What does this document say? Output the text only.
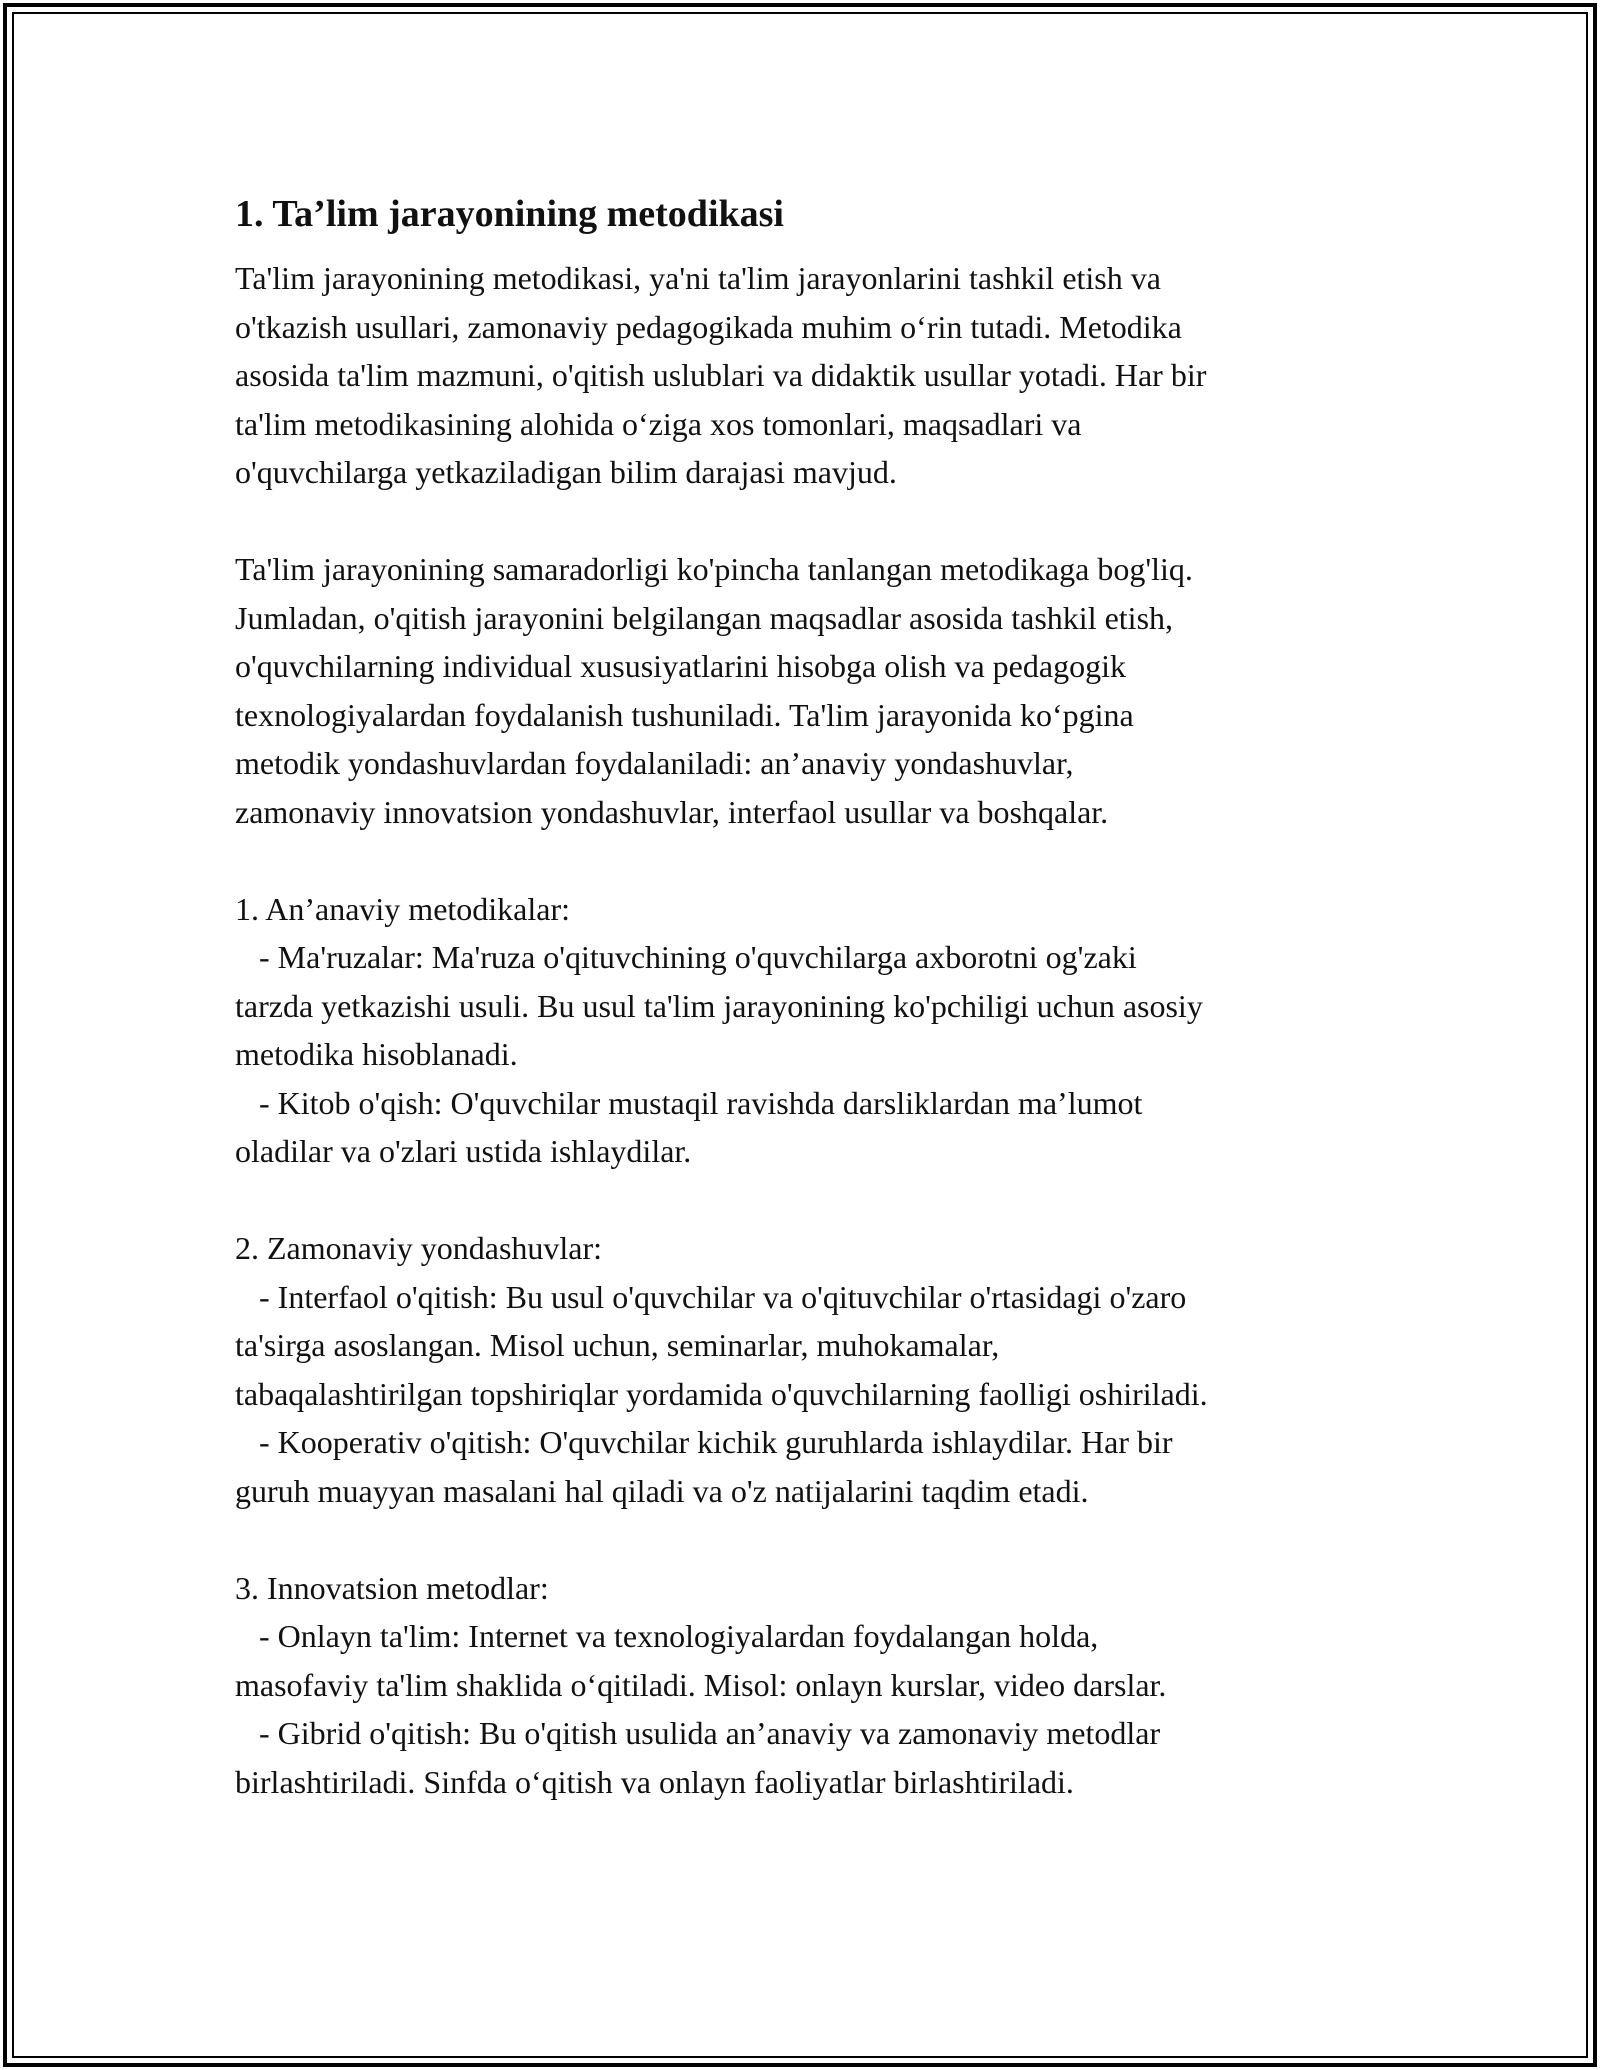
1. Ta’lim jarayonining metodikasi

Ta'lim jarayonining metodikasi, ya'ni ta'lim jarayonlarini tashkil etish va
o'tkazish usullari, zamonaviy pedagogikada muhim o‘rin tutadi. Metodika
asosida ta'lim mazmuni, o'qitish uslublari va didaktik usullar yotadi. Har bir
ta'lim metodikasining alohida o‘ziga xos tomonlari, maqsadlari va
o'quvchilarga yetkaziladigan bilim darajasi mavjud.

Ta'lim jarayonining samaradorligi ko'pincha tanlangan metodikaga bog'liq.
Jumladan, o'qitish jarayonini belgilangan maqsadlar asosida tashkil etish,
o'quvchilarning individual xususiyatlarini hisobga olish va pedagogik
texnologiyalardan foydalanish tushuniladi. Ta'lim jarayonida ko‘pgina
metodik yondashuvlardan foydalaniladi: an’anaviy yondashuvlar,
zamonaviy innovatsion yondashuvlar, interfaol usullar va boshqalar.

1. An’anaviy metodikalar:
- Ma'ruzalar: Ma'ruza o'qituvchining o'quvchilarga axborotni og'zaki
tarzda yetkazishi usuli. Bu usul ta'lim jarayonining ko'pchiligi uchun asosiy
metodika hisoblanadi.
- Kitob o'qish: O'quvchilar mustaqil ravishda darsliklardan ma’lumot
oladilar va o'zlari ustida ishlaydilar.

2. Zamonaviy yondashuvlar:
- Interfaol o'qitish: Bu usul o'quvchilar va o'qituvchilar o'rtasidagi o'zaro
ta'sirga asoslangan. Misol uchun, seminarlar, muhokamalar,
tabaqalashtirilgan topshiriqlar yordamida o'quvchilarning faolligi oshiriladi.
- Kooperativ o'qitish: O'quvchilar kichik guruhlarda ishlaydilar. Har bir
guruh muayyan masalani hal qiladi va o'z natijalarini taqdim etadi.

3. Innovatsion metodlar:
- Onlayn ta'lim: Internet va texnologiyalardan foydalangan holda,
masofaviy ta'lim shaklida o‘qitiladi. Misol: onlayn kurslar, video darslar.
- Gibrid o'qitish: Bu o'qitish usulida an’anaviy va zamonaviy metodlar
birlashtiriladi. Sinfda o‘qitish va onlayn faoliyatlar birlashtiriladi.
